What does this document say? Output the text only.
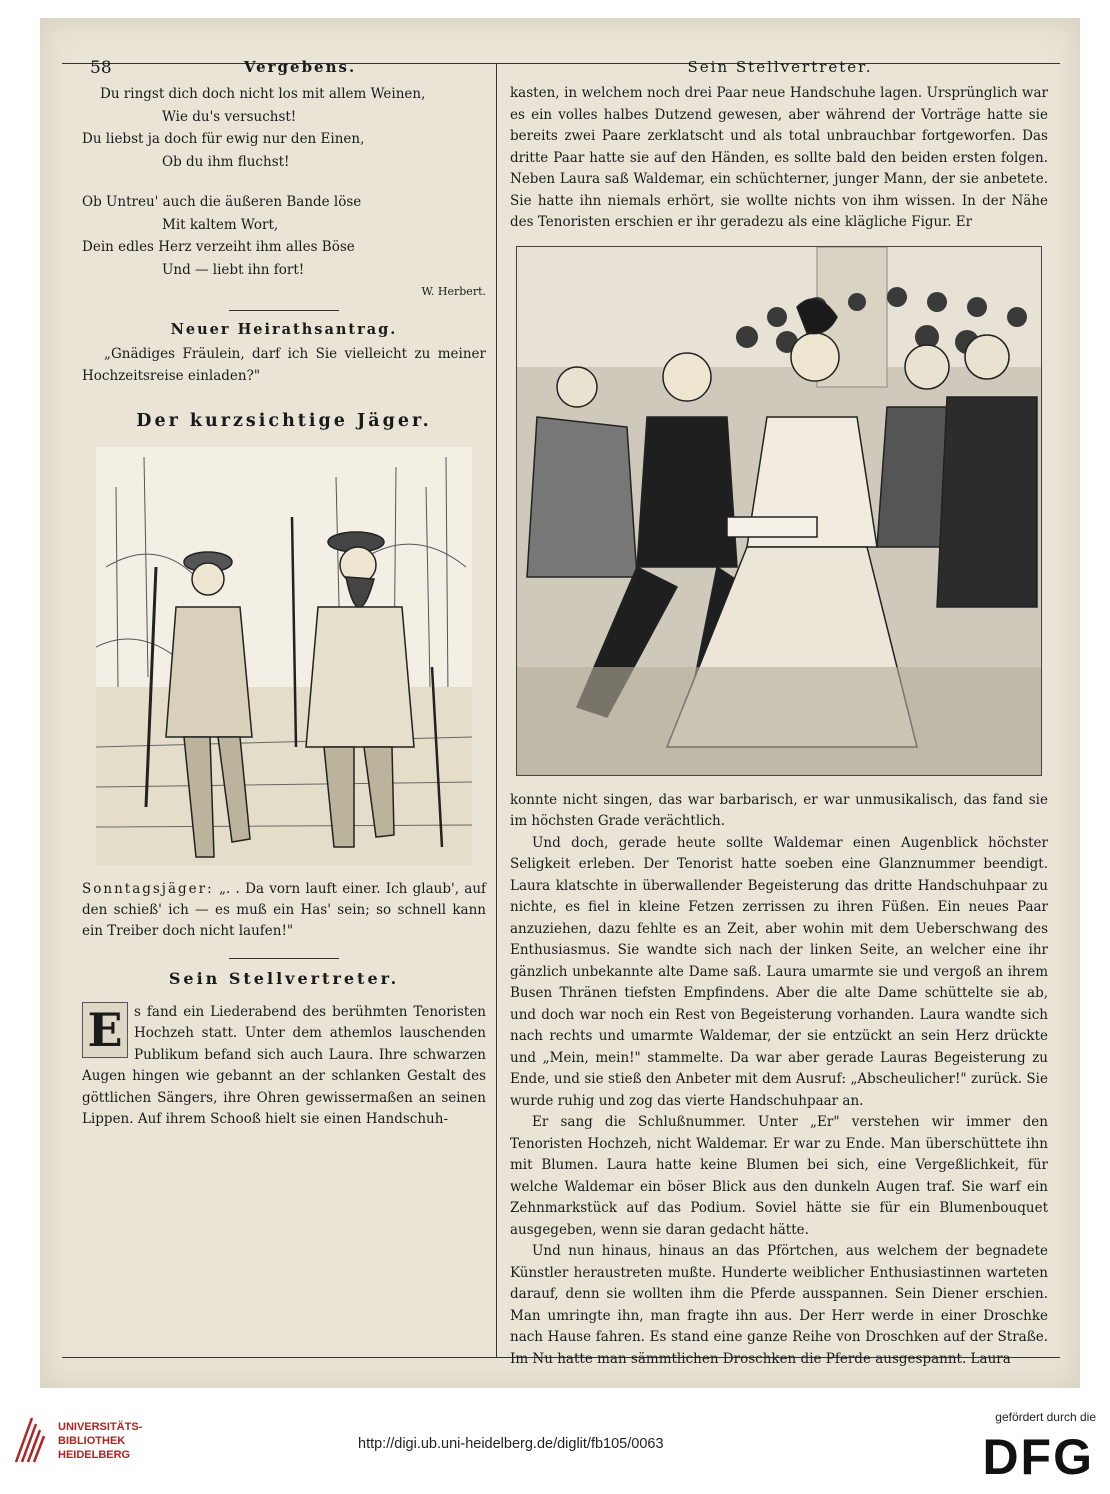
58	Vergebens.	Sein Stellvertreter.

Du ringst dich doch nicht los mit allem Weinen,

Wie du's versuchst!

Du liebst ja doch für ewig nur den Einen,

Ob du ihm fluchst!

Ob Untreu' auch die äußeren Bande löse

Mit kaltem Wort,

Dein edles Herz verzeiht ihm alles Böse

Und — liebt ihn fort!

W. Herbert.
Neuer Heirathsantrag.

„Gnädiges Fräulein, darf ich Sie vielleicht zu meiner Hochzeitsreise einladen?"

Der kurzsichtige Jäger.

Sonntagsjäger: „. . Da vorn lauft einer. Ich glaub', auf den schieß' ich — es muß ein Has' sein; so schnell kann ein Treiber doch nicht laufen!"

Sein Stellvertreter.

E s fand ein Liederabend des berühmten Tenoristen Hochzeh statt. Unter dem athemlos lauschenden Publikum befand sich auch Laura. Ihre schwarzen Augen hingen wie gebannt an der schlanken Gestalt des göttlichen Sängers, ihre Ohren gewissermaßen an seinen Lippen. Auf ihrem Schooß hielt sie einen Handschuh-

kasten, in welchem noch drei Paar neue Handschuhe lagen. Ursprünglich war es ein volles halbes Dutzend gewesen, aber während der Vorträge hatte sie bereits zwei Paare zerklatscht und als total unbrauchbar fortgeworfen. Das dritte Paar hatte sie auf den Händen, es sollte bald den beiden ersten folgen. Neben Laura saß Waldemar, ein schüchterner, junger Mann, der sie anbetete. Sie hatte ihn niemals erhört, sie wollte nichts von ihm wissen. In der Nähe des Tenoristen erschien er ihr geradezu als eine klägliche Figur. Er

konnte nicht singen, das war barbarisch, er war unmusikalisch, das fand sie im höchsten Grade verächtlich.

Und doch, gerade heute sollte Waldemar einen Augenblick höchster Seligkeit erleben. Der Tenorist hatte soeben eine Glanznummer beendigt. Laura klatschte in überwallender Begeisterung das dritte Handschuhpaar zu nichte, es fiel in kleine Fetzen zerrissen zu ihren Füßen. Ein neues Paar anzuziehen, dazu fehlte es an Zeit, aber wohin mit dem Ueberschwang des Enthusiasmus. Sie wandte sich nach der linken Seite, an welcher eine ihr gänzlich unbekannte alte Dame saß. Laura umarmte sie und vergoß an ihrem Busen Thränen tiefsten Empfindens. Aber die alte Dame schüttelte sie ab, und doch war noch ein Rest von Begeisterung vorhanden. Laura wandte sich nach rechts und umarmte Waldemar, der sie entzückt an sein Herz drückte und „Mein, mein!" stammelte. Da war aber gerade Lauras Begeisterung zu Ende, und sie stieß den Anbeter mit dem Ausruf: „Abscheulicher!" zurück. Sie wurde ruhig und zog das vierte Handschuhpaar an.

Er sang die Schlußnummer. Unter „Er" verstehen wir immer den Tenoristen Hochzeh, nicht Waldemar. Er war zu Ende. Man überschüttete ihn mit Blumen. Laura hatte keine Blumen bei sich, eine Vergeßlichkeit, für welche Waldemar ein böser Blick aus den dunkeln Augen traf. Sie warf ein Zehnmarkstück auf das Podium. Soviel hätte sie für ein Blumenbouquet ausgegeben, wenn sie daran gedacht hätte.

Und nun hinaus, hinaus an das Pförtchen, aus welchem der begnadete Künstler heraustreten mußte. Hunderte weiblicher Enthusiastinnen warteten darauf, denn sie wollten ihm die Pferde ausspannen. Sein Diener erschien. Man umringte ihn, man fragte ihn aus. Der Herr werde in einer Droschke nach Hause fahren. Es stand eine ganze Reihe von Droschken auf der Straße. Im Nu hatte man sämmtlichen Droschken die Pferde ausgespannt. Laura

UNIVERSITÄTS-
BIBLIOTHEK
HEIDELBERG
http://digi.ub.uni-heidelberg.de/diglit/fb105/0063
gefördert durch die
DFG
